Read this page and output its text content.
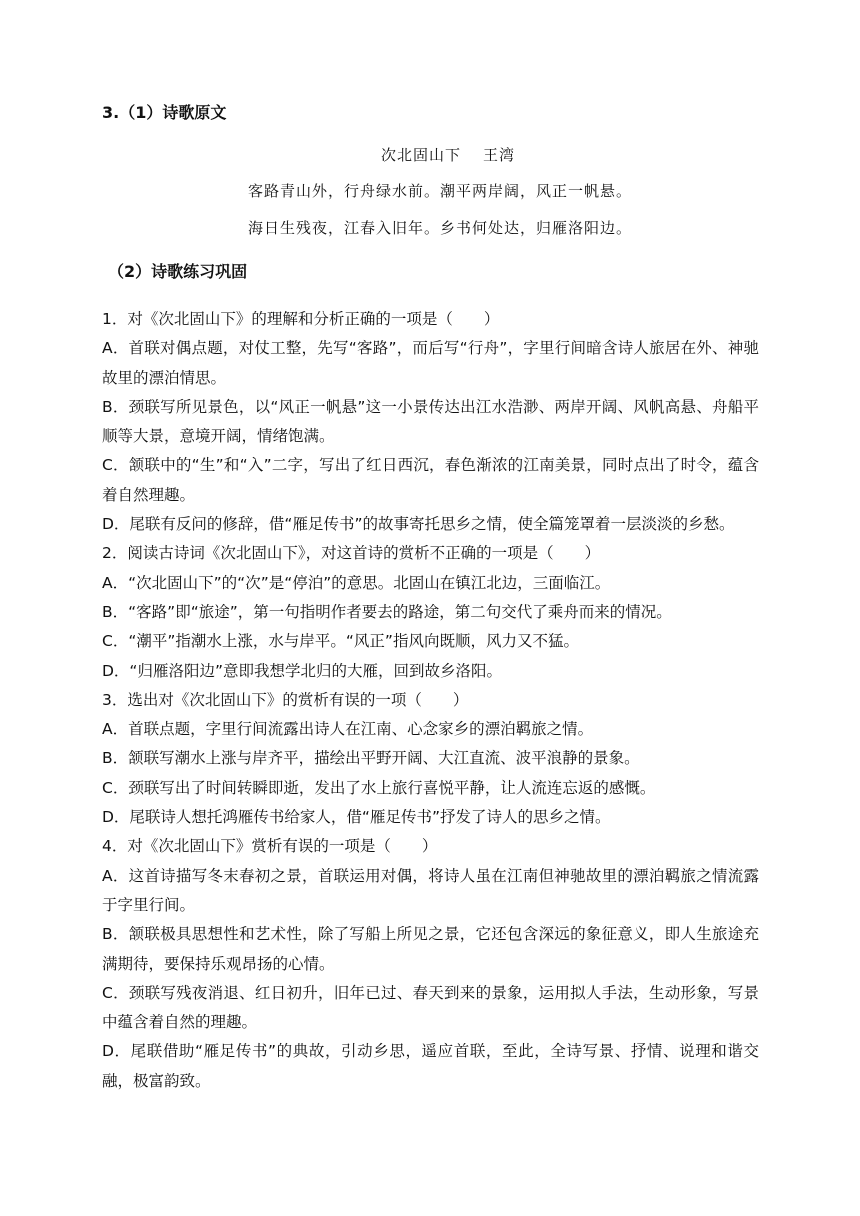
3.（1）诗歌原文
次北固山下 王湾
客路青山外，行舟绿水前。潮平两岸阔，风正一帆悬。
海日生残夜，江春入旧年。乡书何处达，归雁洛阳边。
（2）诗歌练习巩固

1．对《次北固山下》的理解和分析正确的一项是（　　）

A．首联对偶点题，对仗工整，先写“客路”，而后写“行舟”，字里行间暗含诗人旅居在外、神驰故里的漂泊情思。

B．颈联写所见景色，以“风正一帆悬”这一小景传达出江水浩渺、两岸开阔、风帆高悬、舟船平顺等大景，意境开阔，情绪饱满。

C．颔联中的“生”和“入”二字，写出了红日西沉，春色渐浓的江南美景，同时点出了时令，蕴含着自然理趣。

D．尾联有反问的修辞，借“雁足传书”的故事寄托思乡之情，使全篇笼罩着一层淡淡的乡愁。

2．阅读古诗词《次北固山下》，对这首诗的赏析不正确的一项是（　　）

A．“次北固山下”的“次”是“停泊”的意思。北固山在镇江北边，三面临江。

B．“客路”即“旅途”，第一句指明作者要去的路途，第二句交代了乘舟而来的情况。

C．“潮平”指潮水上涨，水与岸平。“风正”指风向既顺，风力又不猛。

D．“归雁洛阳边”意即我想学北归的大雁，回到故乡洛阳。

3．选出对《次北固山下》的赏析有误的一项（　　）

A．首联点题，字里行间流露出诗人在江南、心念家乡的漂泊羁旅之情。

B．颔联写潮水上涨与岸齐平，描绘出平野开阔、大江直流、波平浪静的景象。

C．颈联写出了时间转瞬即逝，发出了水上旅行喜悦平静，让人流连忘返的感慨。

D．尾联诗人想托鸿雁传书给家人，借“雁足传书”抒发了诗人的思乡之情。

4．对《次北固山下》赏析有误的一项是（　　）

A．这首诗描写冬末春初之景，首联运用对偶，将诗人虽在江南但神驰故里的漂泊羁旅之情流露于字里行间。

B．颔联极具思想性和艺术性，除了写船上所见之景，它还包含深远的象征意义，即人生旅途充满期待，要保持乐观昂扬的心情。

C．颈联写残夜消退、红日初升，旧年已过、春天到来的景象，运用拟人手法，生动形象，写景中蕴含着自然的理趣。

D．尾联借助“雁足传书”的典故，引动乡思，遥应首联，至此，全诗写景、抒情、说理和谐交融，极富韵致。
